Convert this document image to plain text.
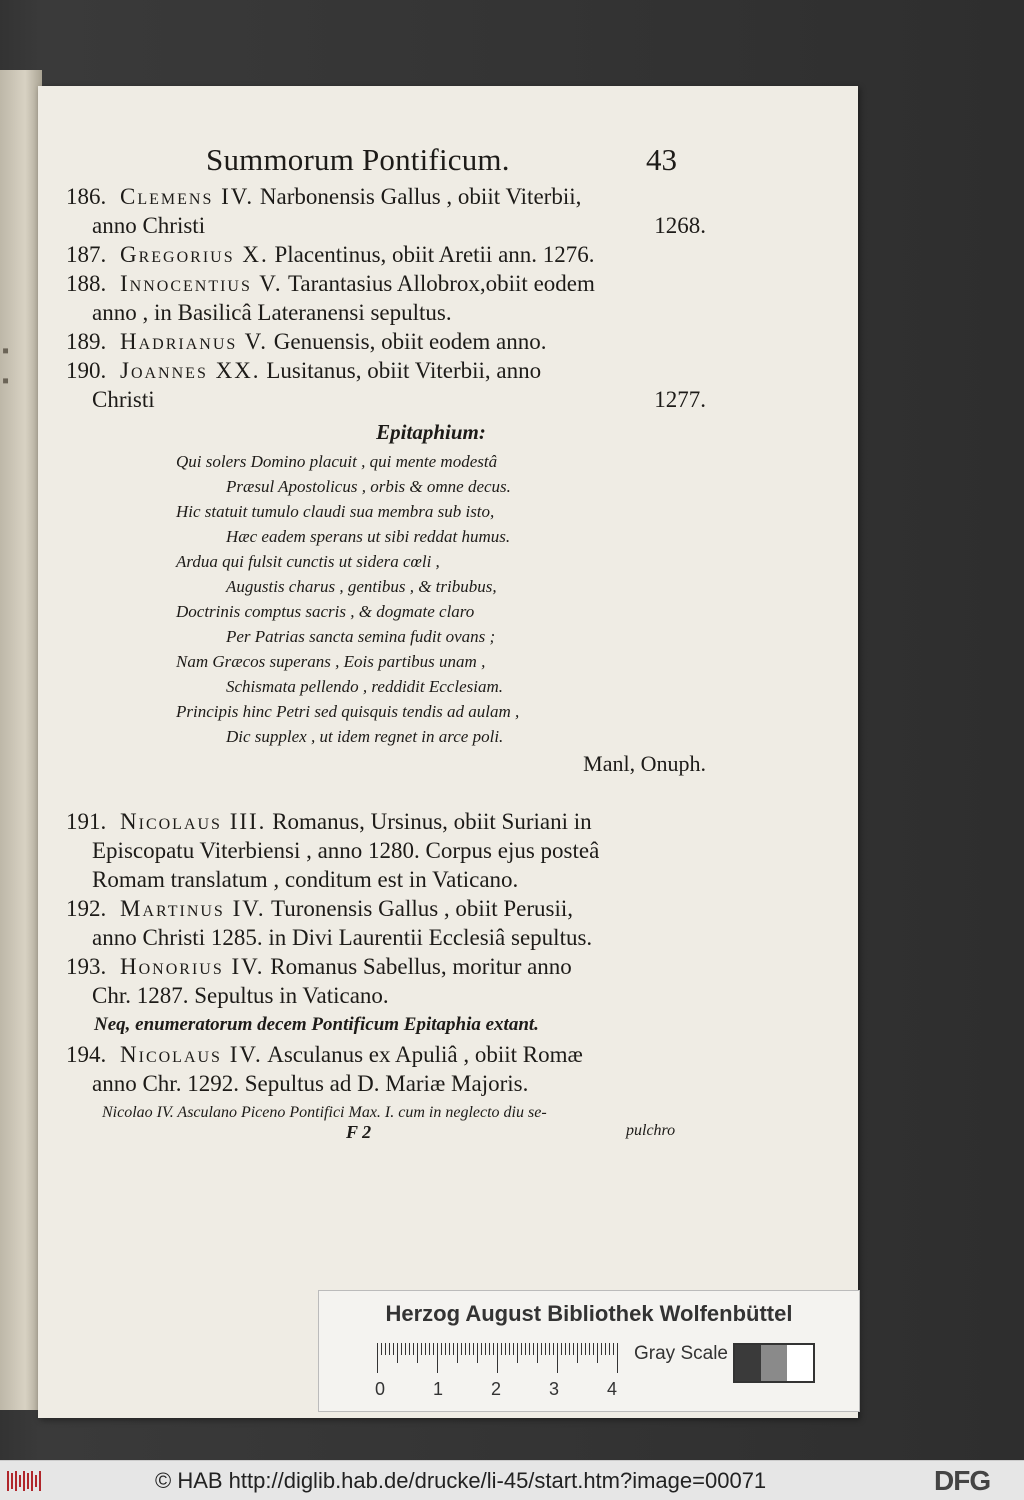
▪
▪
Summorum Pontificum.	43
186. Clemens IV. Narbonensis Gallus , obiit Viterbii,
anno Christi	1268.
187. Gregorius X. Placentinus, obiit Aretii ann. 1276.
188. Innocentius V. Tarantasius Allobrox,obiit eodem
anno , in Basilicâ Lateranensi sepultus.
189. Hadrianus V. Genuensis, obiit eodem anno.
190. Joannes XX. Lusitanus, obiit Viterbii, anno
Christi	1277.
Epitaphium:
Qui solers Domino placuit , qui mente modestâ
Præsul Apostolicus , orbis & omne decus.
Hic statuit tumulo claudi sua membra sub isto,
Hæc eadem sperans ut sibi reddat humus.
Ardua qui fulsit cunctis ut sidera cœli ,
Augustis charus , gentibus , & tribubus,
Doctrinis comptus sacris , & dogmate claro
Per Patrias sancta semina fudit ovans ;
Nam Græcos superans , Eois partibus unam ,
Schismata pellendo , reddidit Ecclesiam.
Principis hinc Petri sed quisquis tendis ad aulam ,
Dic supplex , ut idem regnet in arce poli.
Manl, Onuph.
191. Nicolaus III. Romanus, Ursinus, obiit Suriani in
Episcopatu Viterbiensi , anno 1280. Corpus ejus posteâ
Romam translatum , conditum est in Vaticano.
192. Martinus IV. Turonensis Gallus , obiit Perusii,
anno Christi 1285. in Divi Laurentii Ecclesiâ sepultus.
193. Honorius IV. Romanus Sabellus, moritur anno
Chr. 1287. Sepultus in Vaticano.
Neq, enumeratorum decem Pontificum Epitaphia extant.
194. Nicolaus IV. Asculanus ex Apuliâ , obiit Romæ
anno Chr. 1292. Sepultus ad D. Mariæ Majoris.
Nicolao IV. Asculano Piceno Pontifici Max. I. cum in neglecto diu se-
F 2	pulchro
Herzog August Bibliothek Wolfenbüttel
0	1	2	3	4
Gray Scale
© HAB http://diglib.hab.de/drucke/li-45/start.htm?image=00071	DFG
